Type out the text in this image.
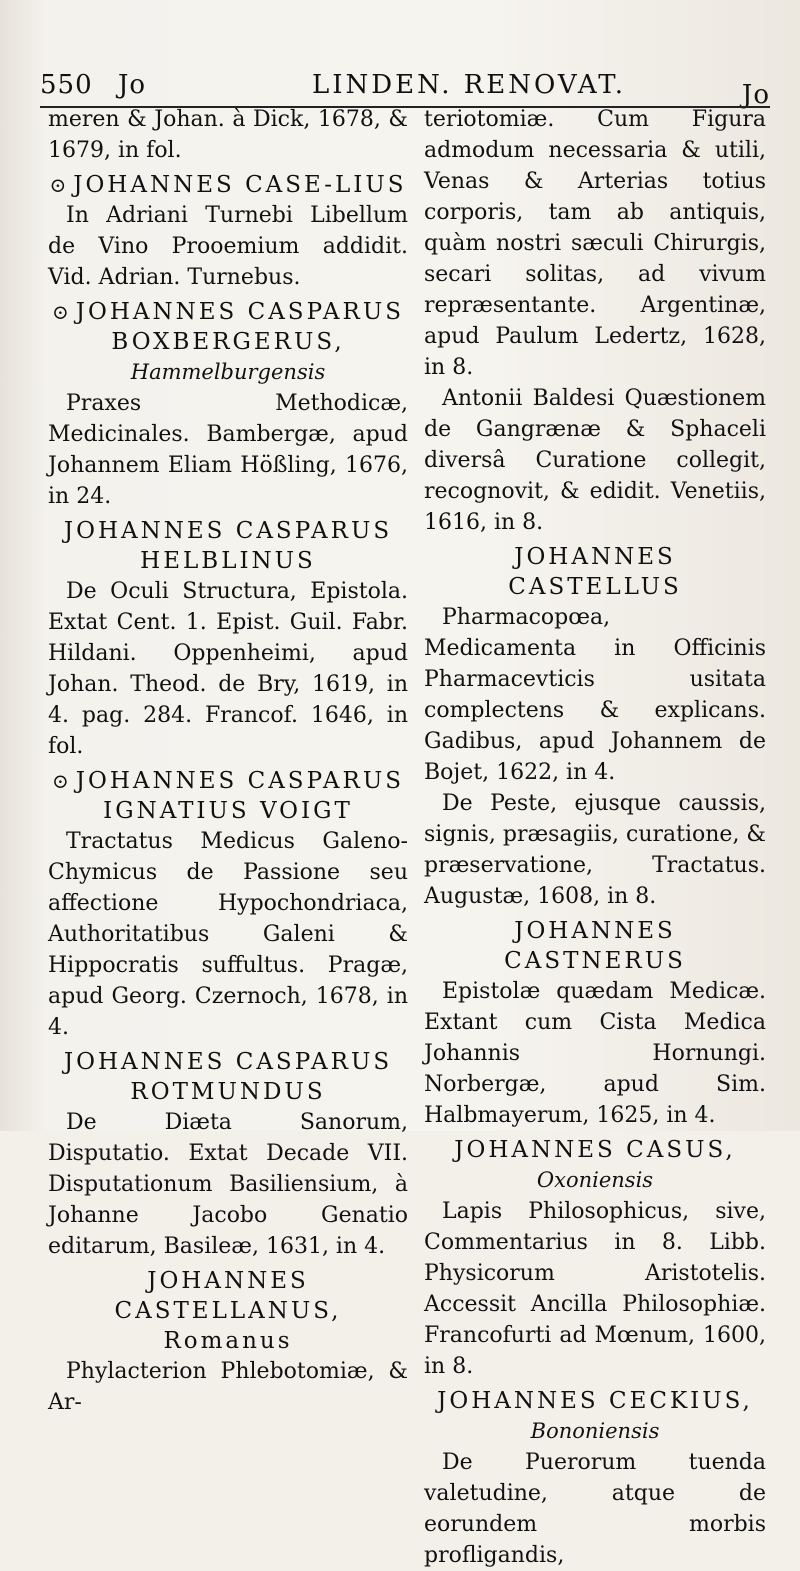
550 Jo	LINDEN. RENOVAT.	Jo

meren & Johan. à Dick, 1678, & 1679, in fol.

⊙ JOHANNES CASE-LIUS

In Adriani Turnebi Libellum de Vino Prooemium addidit. Vid. Adrian. Turnebus.

⊙ JOHANNES CASPARUS BOXBERGERUS,
Hammelburgensis

Praxes Methodicæ, Medicinales. Bambergæ, apud Johannem Eliam Hößling, 1676, in 24.

JOHANNES CASPARUS HELBLINUS

De Oculi Structura, Epistola. Extat Cent. 1. Epist. Guil. Fabr. Hildani. Oppenheimi, apud Johan. Theod. de Bry, 1619, in 4. pag. 284. Francof. 1646, in fol.

⊙ JOHANNES CASPARUS IGNATIUS VOIGT

Tractatus Medicus Galeno-Chymicus de Passione seu affectione Hypochondriaca, Authoritatibus Galeni & Hippocratis suffultus. Pragæ, apud Georg. Czernoch, 1678, in 4.

JOHANNES CASPARUS ROTMUNDUS

De Diæta Sanorum, Disputatio. Extat Decade VII. Disputationum Basiliensium, à Johanne Jacobo Genatio editarum, Basileæ, 1631, in 4.

JOHANNES CASTELLANUS, Romanus

Phylacterion Phlebotomiæ, & Ar-

teriotomiæ. Cum Figura admodum necessaria & utili, Venas & Arterias totius corporis, tam ab antiquis, quàm nostri sæculi Chirurgis, secari solitas, ad vivum repræsentante. Argentinæ, apud Paulum Ledertz, 1628, in 8.

Antonii Baldesi Quæstionem de Gangrænæ & Sphaceli diversâ Curatione collegit, recognovit, & edidit. Venetiis, 1616, in 8.

JOHANNES CASTELLUS

Pharmacopœa, Medicamenta in Officinis Pharmacevticis usitata complectens & explicans. Gadibus, apud Johannem de Bojet, 1622, in 4.

De Peste, ejusque caussis, signis, præsagiis, curatione, & præservatione, Tractatus. Augustæ, 1608, in 8.

JOHANNES CASTNERUS

Epistolæ quædam Medicæ. Extant cum Cista Medica Johannis Hornungi. Norbergæ, apud Sim. Halbmayerum, 1625, in 4.

JOHANNES CASUS,
Oxoniensis

Lapis Philosophicus, sive, Commentarius in 8. Libb. Physicorum Aristotelis. Accessit Ancilla Philosophiæ. Francofurti ad Mœnum, 1600, in 8.

JOHANNES CECKIUS,
Bononiensis

De Puerorum tuenda valetudine, atque de eorundem morbis profligandis,
